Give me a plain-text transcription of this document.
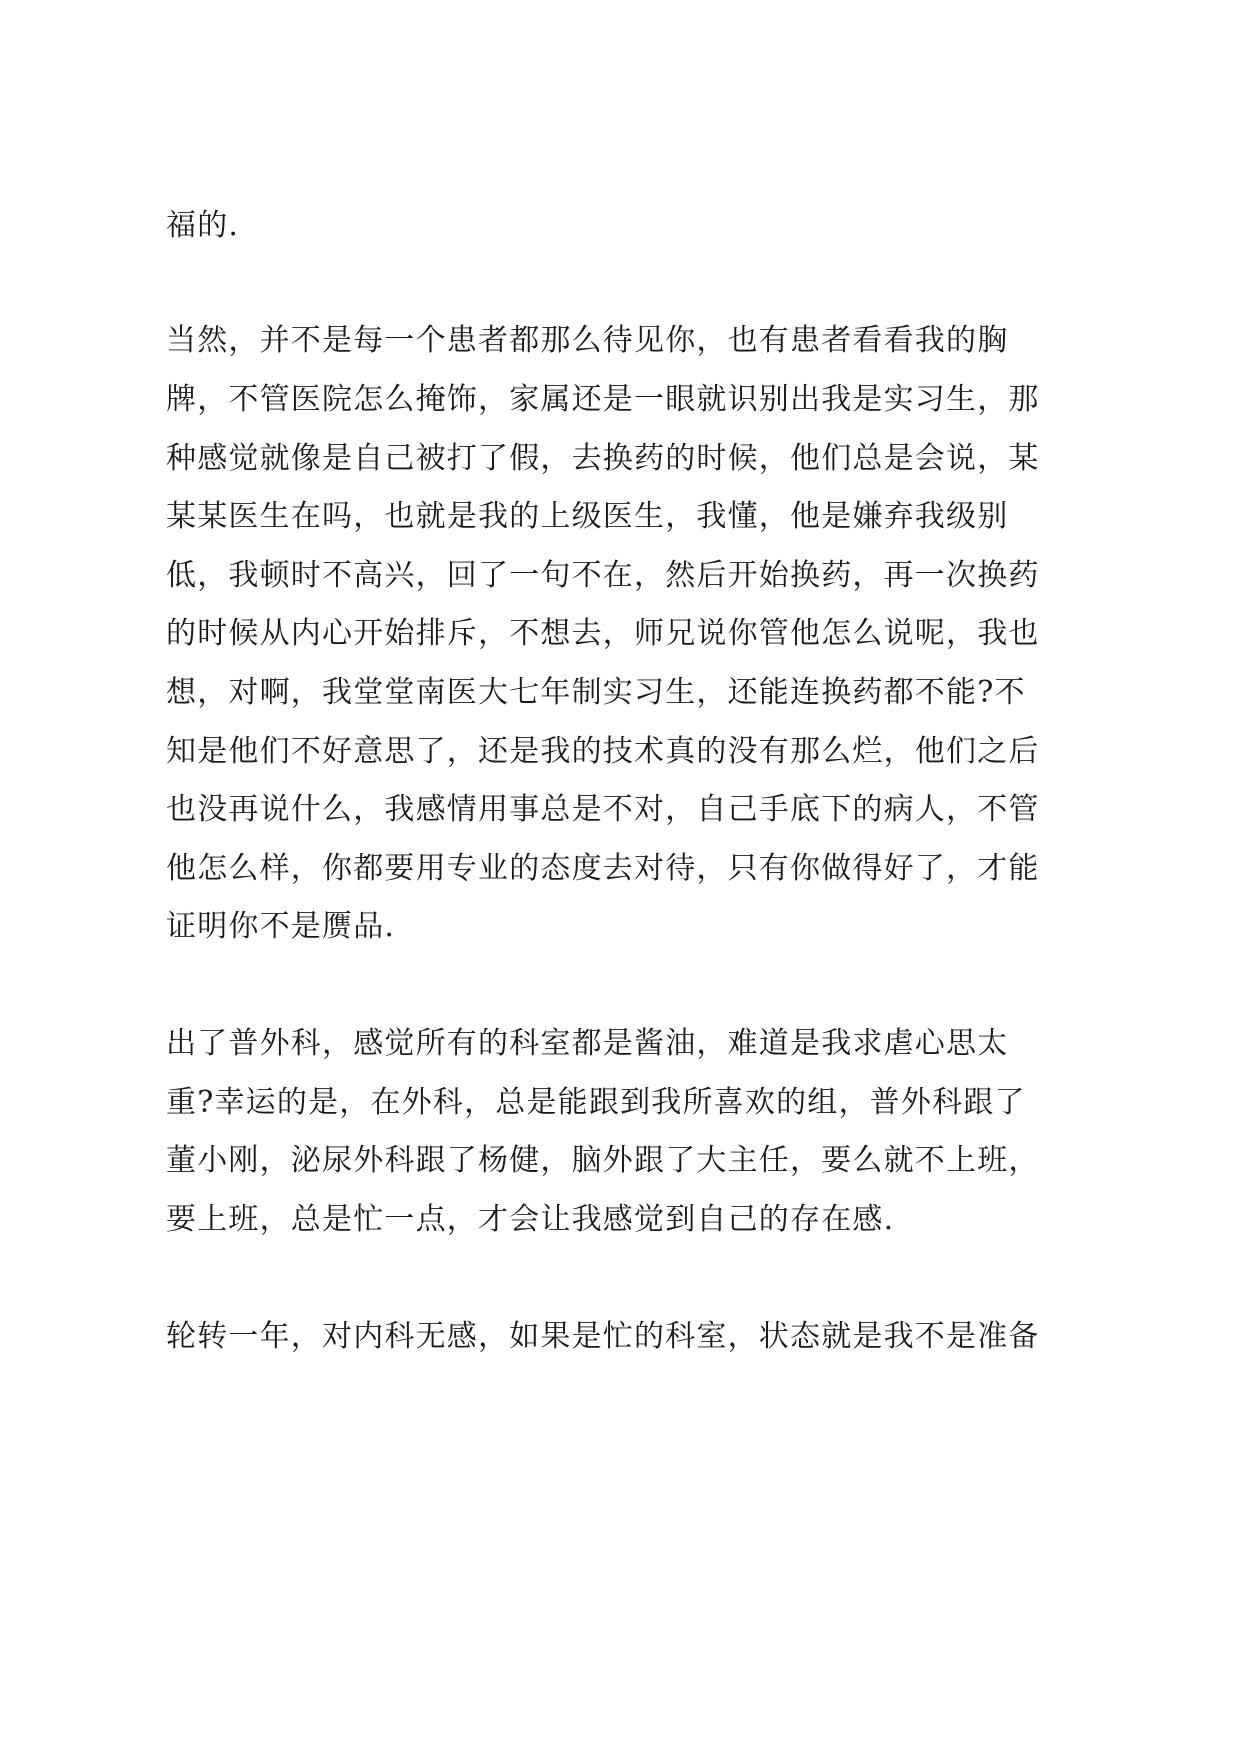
福的.
当然，并不是每一个患者都那么待见你，也有患者看看我的胸
牌，不管医院怎么掩饰，家属还是一眼就识别出我是实习生，那
种感觉就像是自己被打了假，去换药的时候，他们总是会说，某
某某医生在吗，也就是我的上级医生，我懂，他是嫌弃我级别
低，我顿时不高兴，回了一句不在，然后开始换药，再一次换药
的时候从内心开始排斥，不想去，师兄说你管他怎么说呢，我也
想，对啊，我堂堂南医大七年制实习生，还能连换药都不能?不
知是他们不好意思了，还是我的技术真的没有那么烂，他们之后
也没再说什么，我感情用事总是不对，自己手底下的病人，不管
他怎么样，你都要用专业的态度去对待，只有你做得好了，才能
证明你不是赝品.
出了普外科，感觉所有的科室都是酱油，难道是我求虐心思太
重?幸运的是，在外科，总是能跟到我所喜欢的组，普外科跟了
董小刚，泌尿外科跟了杨健，脑外跟了大主任，要么就不上班，
要上班，总是忙一点，才会让我感觉到自己的存在感.
轮转一年，对内科无感，如果是忙的科室，状态就是我不是准备
